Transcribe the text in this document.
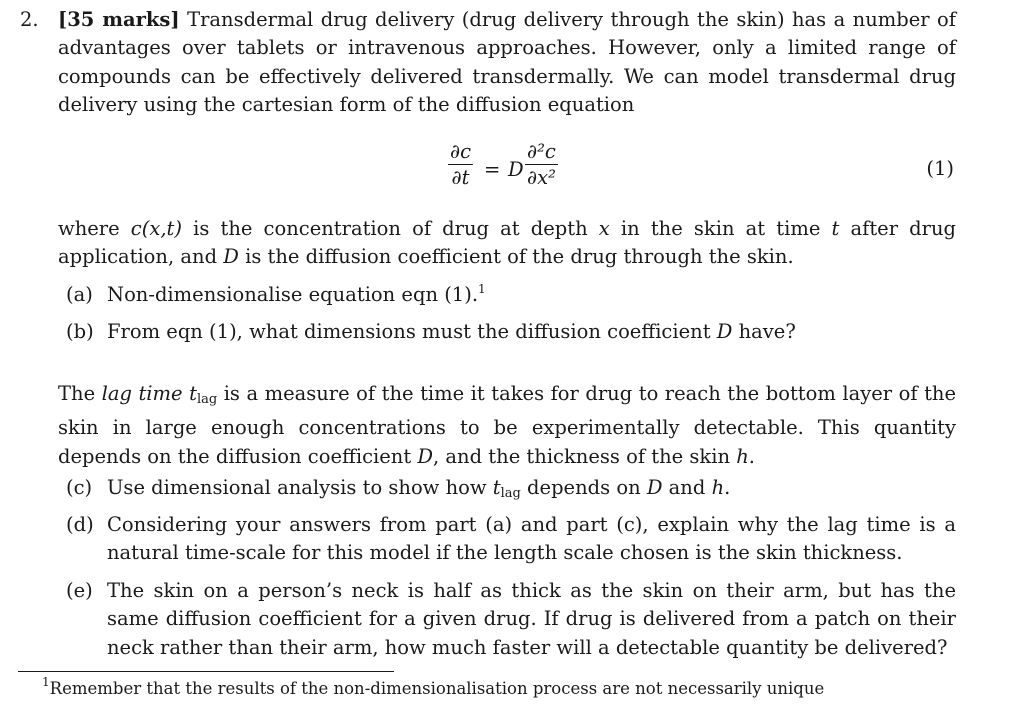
2. [35 marks] Transdermal drug delivery (drug delivery through the skin) has a number of advantages over tablets or intravenous approaches. However, only a limited range of compounds can be effectively delivered transdermally. We can model transdermal drug delivery using the cartesian form of the diffusion equation
∂c
∂t = D
∂²c
∂x²	(1)
where c(x,t) is the concentration of drug at depth x in the skin at time t after drug application, and D is the diffusion coefficient of the drug through the skin.
(a) Non-dimensionalise equation eqn (1).$^1$
(b) From eqn (1), what dimensions must the diffusion coefficient D have?
The lag time $t_{lag}$ is a measure of the time it takes for drug to reach the bottom layer of the skin in large enough concentrations to be experimentally detectable. This quantity depends on the diffusion coefficient D, and the thickness of the skin h.
(c) Use dimensional analysis to show how $t_{lag}$ depends on D and h.
(d) Considering your answers from part (a) and part (c), explain why the lag time is a natural time-scale for this model if the length scale chosen is the skin thickness.
(e) The skin on a person’s neck is half as thick as the skin on their arm, but has the same diffusion coefficient for a given drug. If drug is delivered from a patch on their neck rather than their arm, how much faster will a detectable quantity be delivered?
$^1$Remember that the results of the non-dimensionalisation process are not necessarily unique
